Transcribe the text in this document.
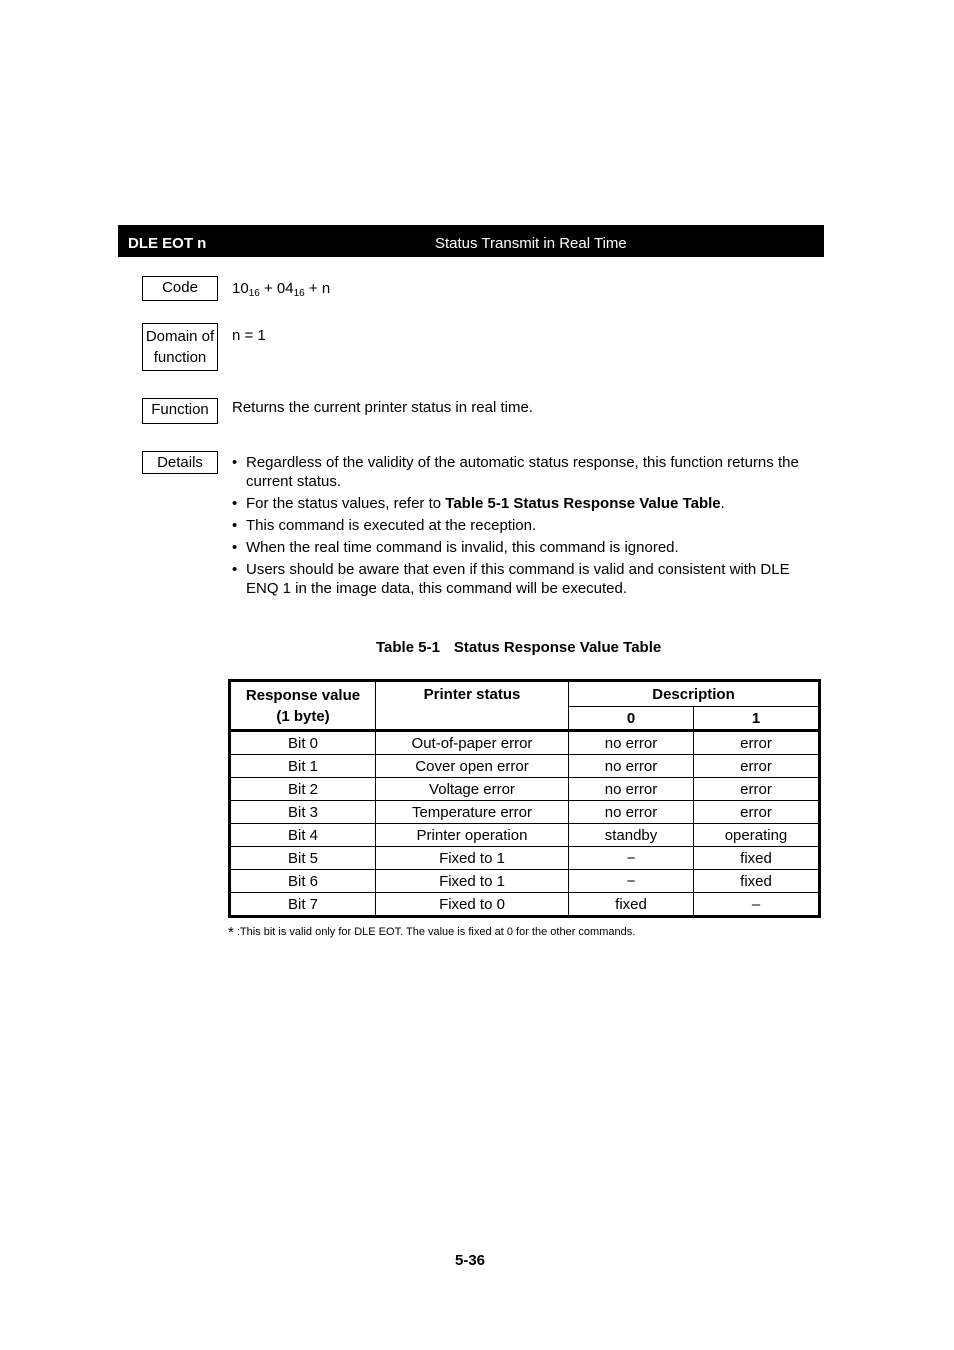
DLE EOT n	Status Transmit in Real Time
Code	$10_{16} + 04_{16} + n$
Domain of
function
n = 1
Function	Returns the current printer status in real time.
Details	• Regardless of the validity of the automatic status response, this function returns the current status.
• For the status values, refer to Table 5-1 Status Response Value Table.
• This command is executed at the reception.
• When the real time command is invalid, this command is ignored.
• Users should be aware that even if this command is valid and consistent with DLE ENQ 1 in the image data, this command will be executed.
Table 5-1 Status Response Value Table
Response value
(1 byte)	Printer status	Description	
		0	1
Bit 0	Out-of-paper error	no error	error
Bit 1	Cover open error	no error	error
Bit 2	Voltage error	no error	error
Bit 3	Temperature error	no error	error
Bit 4	Printer operation	standby	operating
Bit 5	Fixed to 1	−	fixed
Bit 6	Fixed to 1	−	fixed
Bit 7	Fixed to 0	fixed	–
* :This bit is valid only for DLE EOT. The value is fixed at 0 for the other commands.
5-36
